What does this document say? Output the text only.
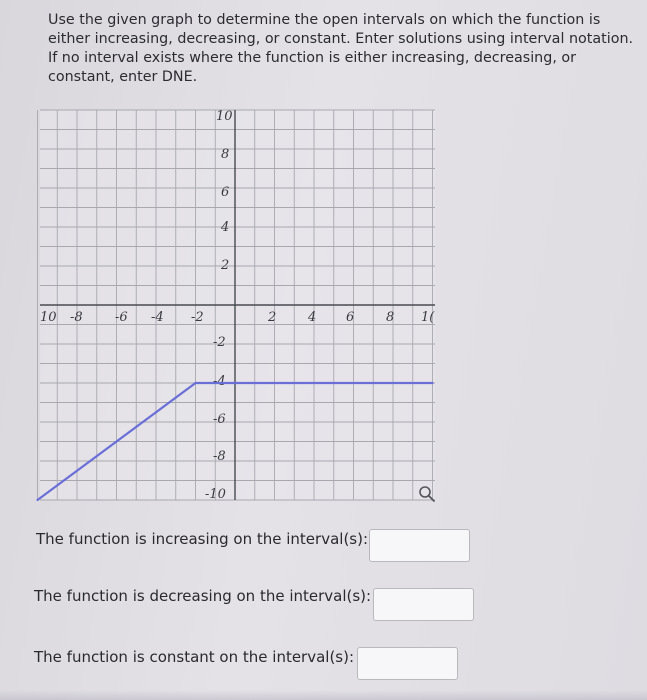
Use the given graph to determine the open intervals on which the function is either increasing, decreasing, or constant. Enter solutions using interval notation. If no interval exists where the function is either increasing, decreasing, or constant, enter DNE.
10 -8 -6 -4 -2	2 4 6 8 1(
10
8
6
4
2
-2
-4
-6
-8
-10
The function is increasing on the interval(s):
The function is decreasing on the interval(s):
The function is constant on the interval(s):
